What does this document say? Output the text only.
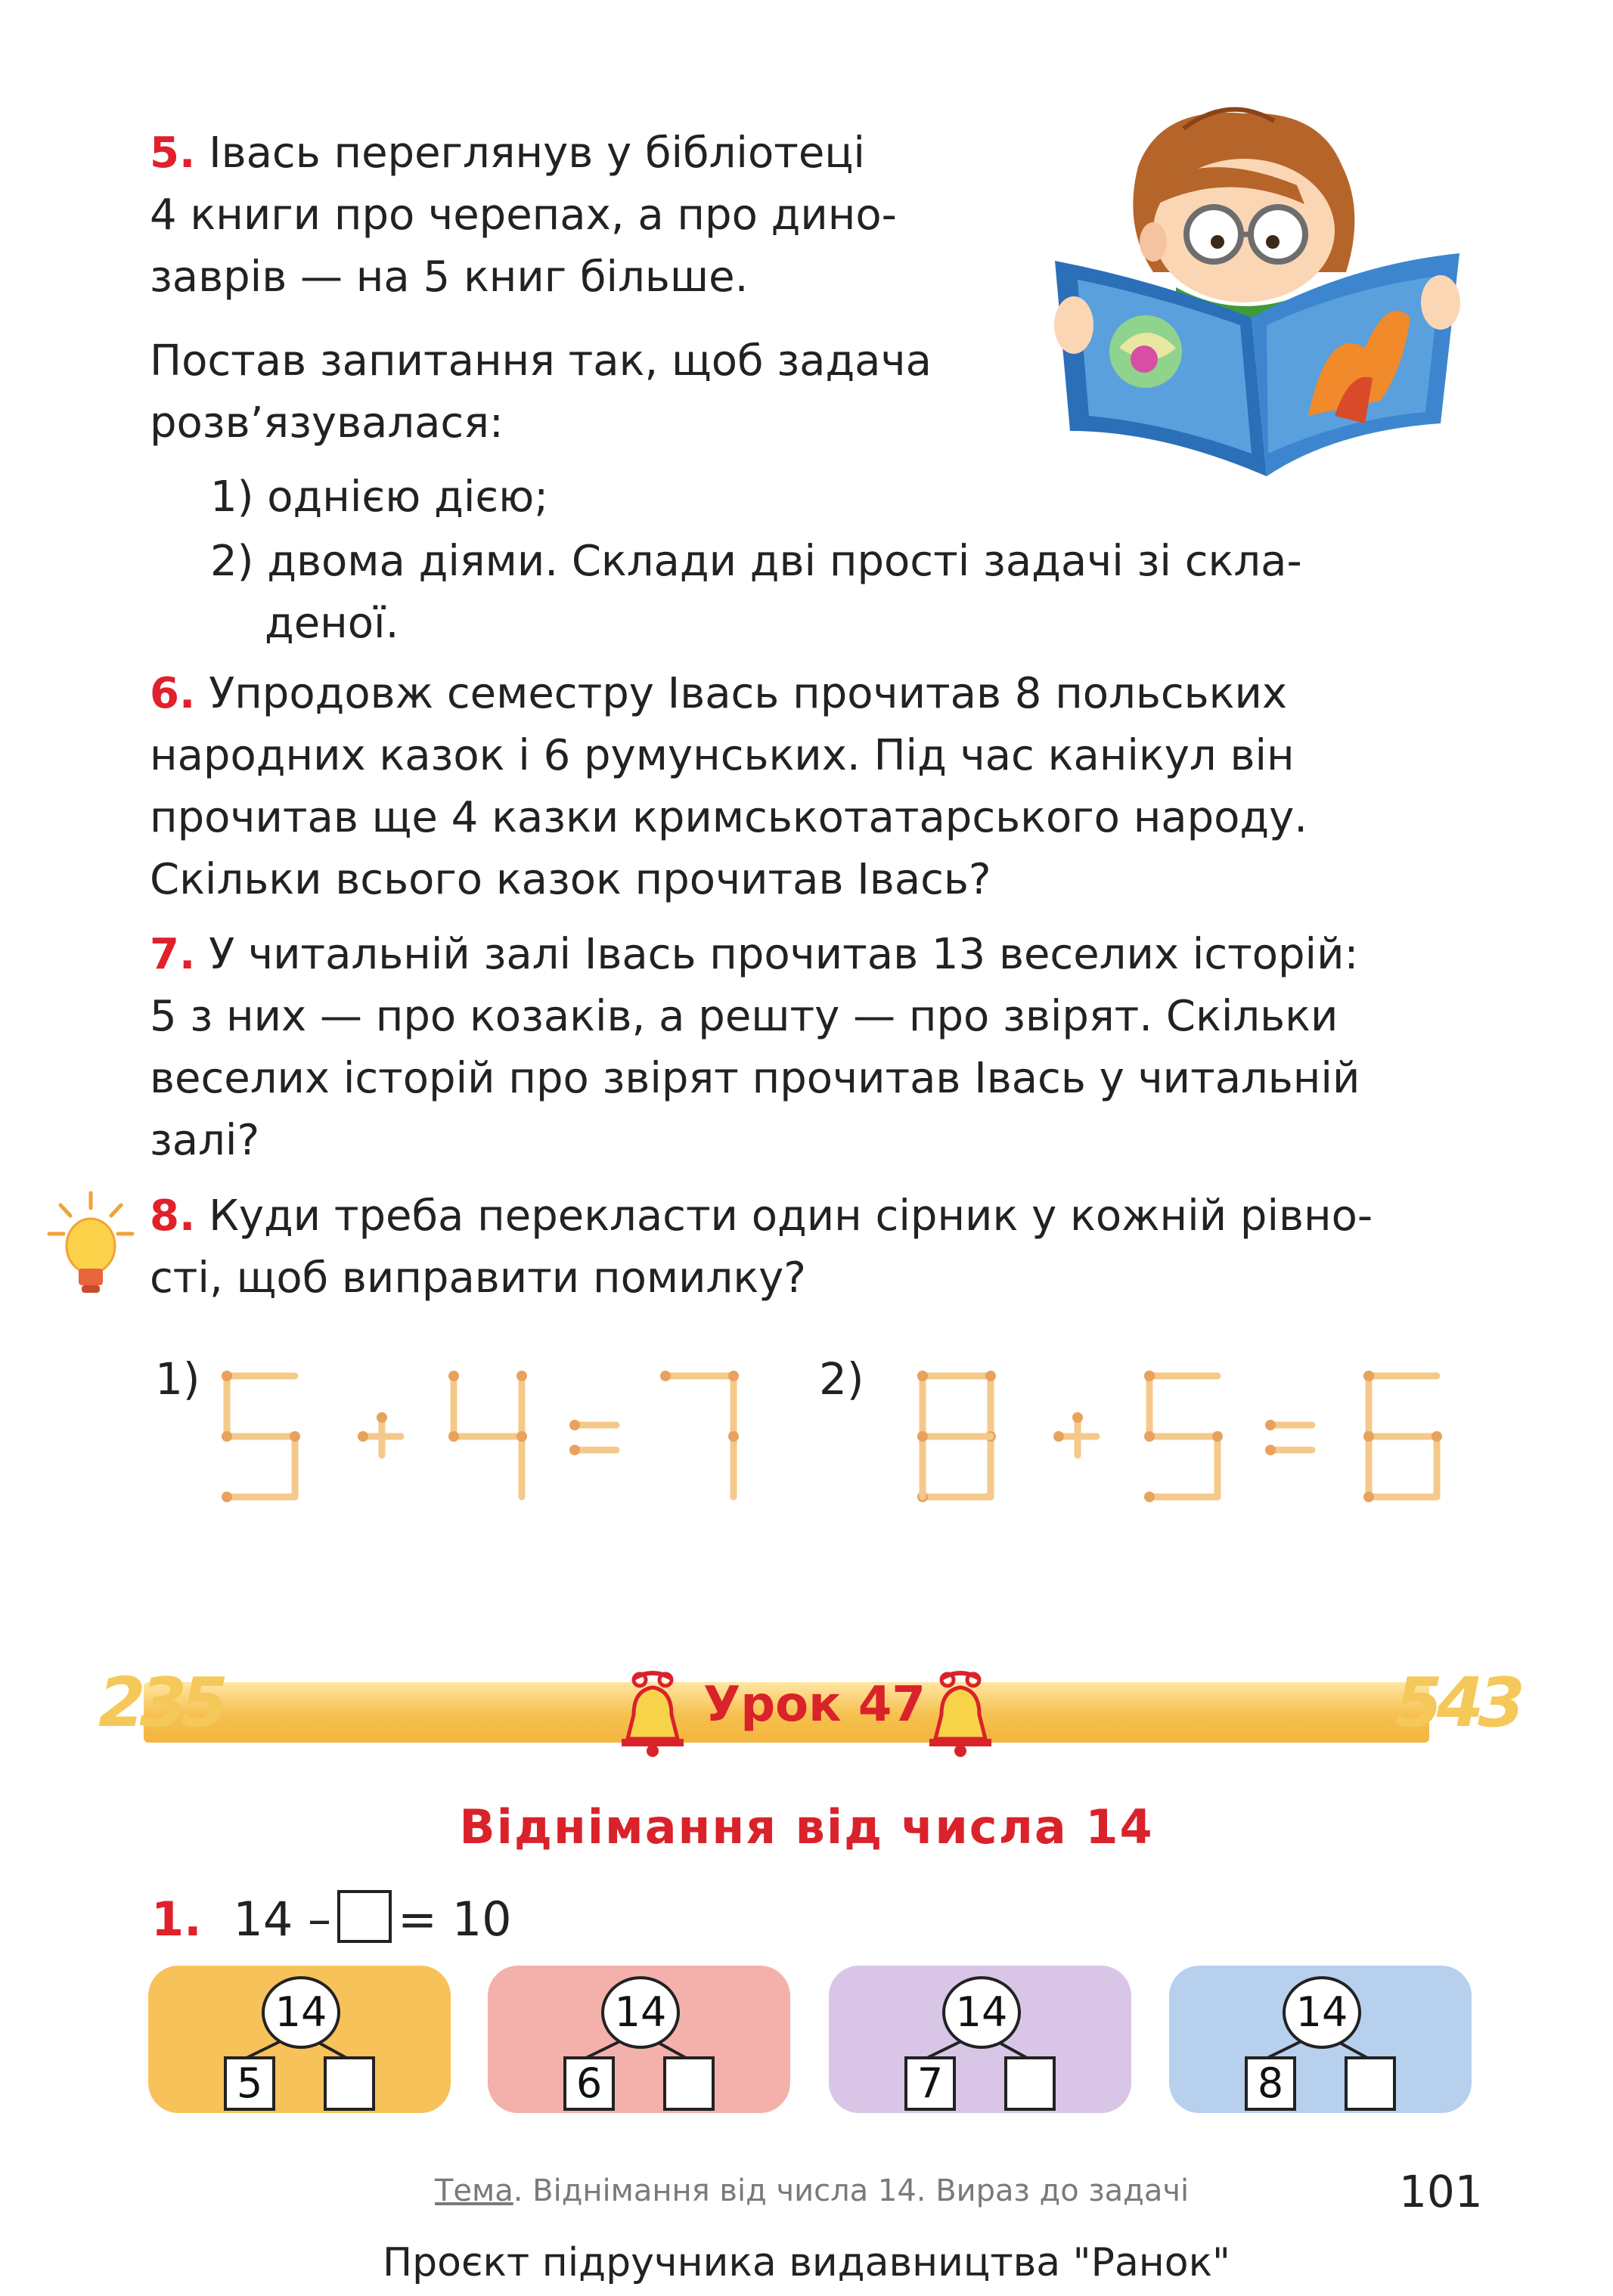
5. Івась переглянув у бібліотеці
4 книги про черепах, а про дино-
заврів — на 5 книг більше.
Постав запитання так, щоб задача
розв’язувалася:
1) однією дією;
2) двома діями. Склади дві прості задачі зі скла-
деної.
6. Упродовж семестру Івась прочитав 8 польських
народних казок і 6 румунських. Під час канікул він
прочитав ще 4 казки кримськотатарського народу.
Скільки всього казок прочитав Івась?
7. У читальній залі Івась прочитав 13 веселих історій:
5 з них — про козаків, а решту — про звірят. Скільки
веселих історій про звірят прочитав Івась у читальній
залі?
8. Куди треба перекласти один сірник у кожній рівно-
сті, щоб виправити помилку?
1)	2)
235	543
Урок 47
Віднімання від числа 14
1. 14 – = 10
14
5
14
6
14
7
14
8
Тема. Віднімання від числа 14. Вираз до задачі	101
Проєкт підручника видавництва "Ранок"
